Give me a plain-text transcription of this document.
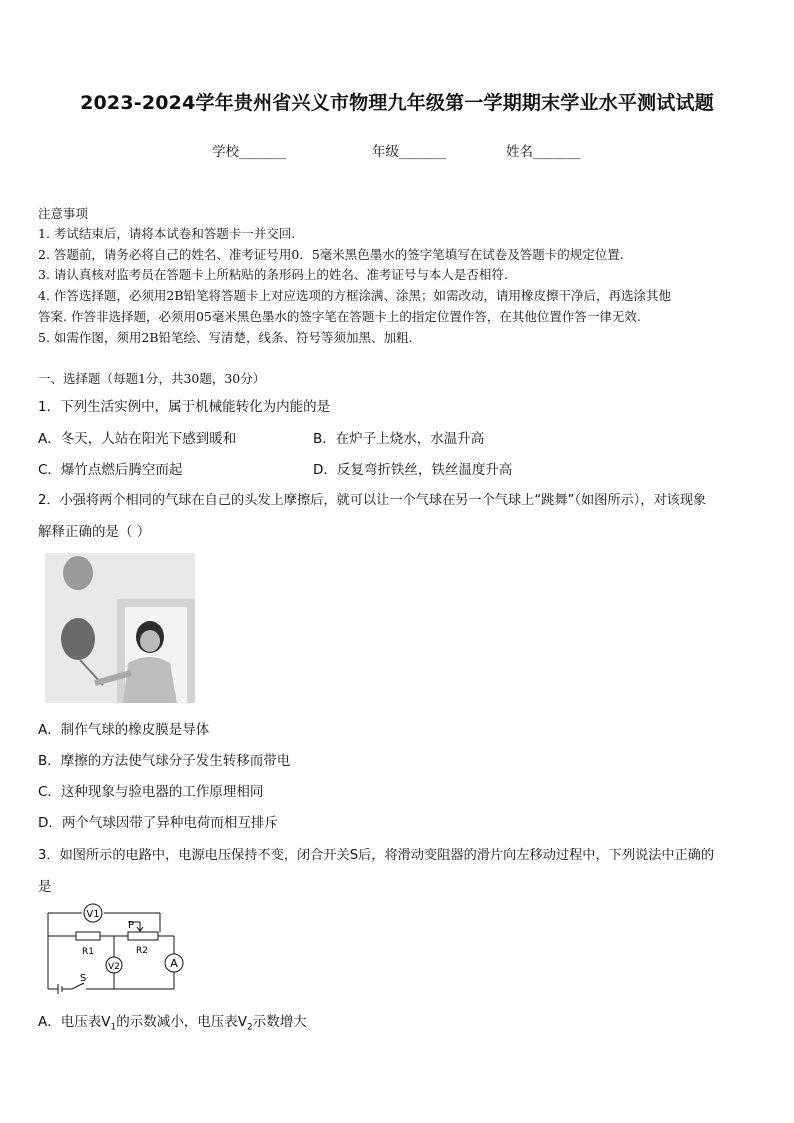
2023-2024学年贵州省兴义市物理九年级第一学期期末学业水平测试试题
学校_______	年级_______	姓名_______
注意事项
1. 考试结束后，请将本试卷和答题卡一并交回.
2. 答题前，请务必将自己的姓名、准考证号用0．5毫米黑色墨水的签字笔填写在试卷及答题卡的规定位置.
3. 请认真核对监考员在答题卡上所粘贴的条形码上的姓名、准考证号与本人是否相符.
4. 作答选择题，必须用2B铅笔将答题卡上对应选项的方框涂满、涂黑；如需改动，请用橡皮擦干净后，再选涂其他
答案. 作答非选择题，必须用05毫米黑色墨水的签字笔在答题卡上的指定位置作答，在其他位置作答一律无效.
5. 如需作图，须用2B铅笔绘、写清楚，线条、符号等须加黑、加粗.
一、选择题（每题1分，共30题，30分）
1．下列生活实例中，属于机械能转化为内能的是
A．冬天，人站在阳光下感到暖和	B．在炉子上烧水，水温升高
C．爆竹点燃后腾空而起	D．反复弯折铁丝，铁丝温度升高
2．小强将两个相同的气球在自己的头发上摩擦后，就可以让一个气球在另一个气球上“跳舞”（如图所示），对该现象
解释正确的是（ ）
A．制作气球的橡皮膜是导体
B．摩擦的方法使气球分子发生转移而带电
C．这种现象与验电器的工作原理相同
D．两个气球因带了异种电荷而相互排斥
3．如图所示的电路中，电源电压保持不变，闭合开关S后，将滑动变阻器的滑片向左移动过程中，下列说法中正确的
是
V1
V2	A
R1	R2
P
S
A．电压表$V_1$的示数减小，电压表$V_2$示数增大
